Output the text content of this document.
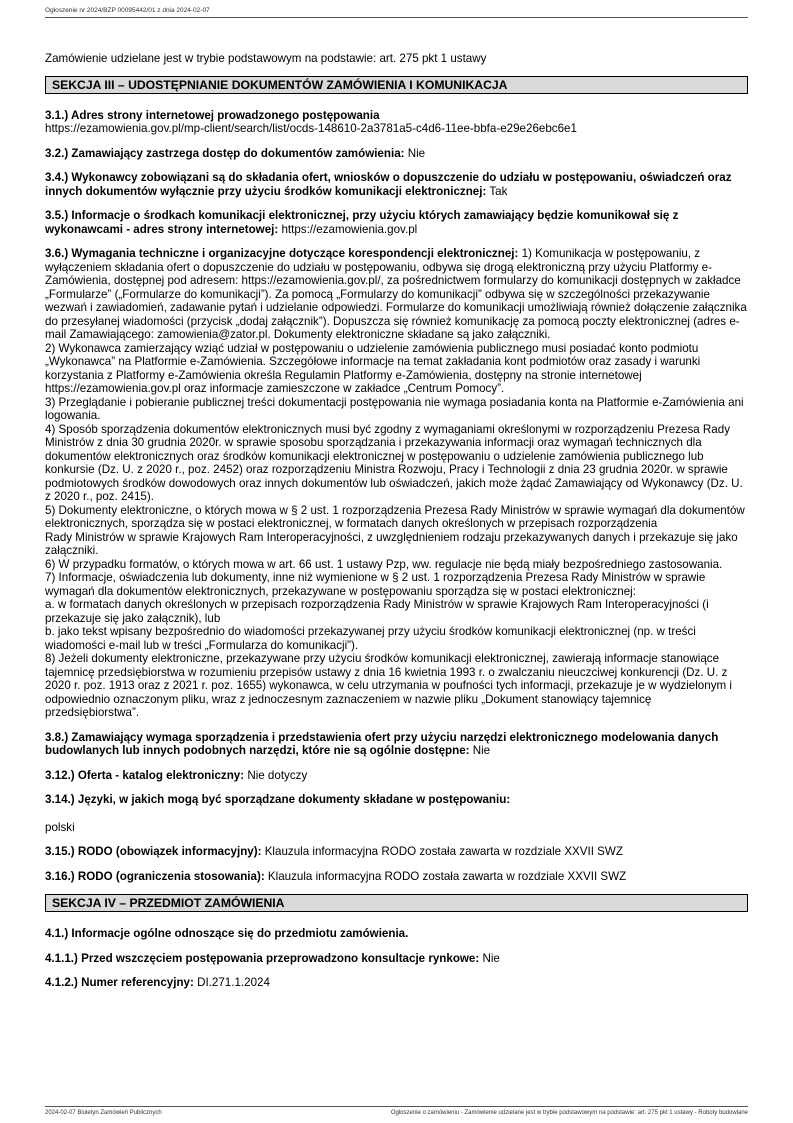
Ogłoszenie nr 2024/BZP 00095442/01 z dnia 2024-02-07

Zamówienie udzielane jest w trybie podstawowym na podstawie: art. 275 pkt 1 ustawy

SEKCJA III – UDOSTĘPNIANIE DOKUMENTÓW ZAMÓWIENIA I KOMUNIKACJA
3.1.) Adres strony internetowej prowadzonego postępowania
https://ezamowienia.gov.pl/mp-client/search/list/ocds-148610-2a3781a5-c4d6-11ee-bbfa-e29e26ebc6e1
3.2.) Zamawiający zastrzega dostęp do dokumentów zamówienia: Nie
3.4.) Wykonawcy zobowiązani są do składania ofert, wniosków o dopuszczenie do udziału w postępowaniu, oświadczeń oraz innych dokumentów wyłącznie przy użyciu środków komunikacji elektronicznej: Tak
3.5.) Informacje o środkach komunikacji elektronicznej, przy użyciu których zamawiający będzie komunikował się z wykonawcami - adres strony internetowej: https://ezamowienia.gov.pl

3.6.) Wymagania techniczne i organizacyjne dotyczące korespondencji elektronicznej: 1) Komunikacja w postępowaniu, z wyłączeniem składania ofert o dopuszczenie do udziału w postępowaniu, odbywa się drogą elektroniczną przy użyciu Platformy e-Zamówienia, dostępnej pod adresem: https://ezamowienia.gov.pl/, za pośrednictwem formularzy do komunikacji dostępnych w zakładce „Formularze” („Formularze do komunikacji”). Za pomocą „Formularzy do komunikacji” odbywa się w szczególności przekazywanie wezwań i zawiadomień, zadawanie pytań i udzielanie odpowiedzi. Formularze do komunikacji umożliwiają również dołączenie załącznika do przesyłanej wiadomości (przycisk „dodaj załącznik”). Dopuszcza się również komunikację za pomocą poczty elektronicznej (adres e-mail Zamawiającego: zamowienia@zator.pl. Dokumenty elektroniczne składane są jako załączniki.
2) Wykonawca zamierzający wziąć udział w postępowaniu o udzielenie zamówienia publicznego musi posiadać konto podmiotu „Wykonawca” na Platformie e-Zamówienia. Szczegółowe informacje na temat zakładania kont podmiotów oraz zasady i warunki korzystania z Platformy e-Zamówienia określa Regulamin Platformy e-Zamówienia, dostępny na stronie internetowej https://ezamowienia.gov.pl oraz informacje zamieszczone w zakładce „Centrum Pomocy”.
3) Przeglądanie i pobieranie publicznej treści dokumentacji postępowania nie wymaga posiadania konta na Platformie e-Zamówienia ani logowania.
4) Sposób sporządzenia dokumentów elektronicznych musi być zgodny z wymaganiami określonymi w rozporządzeniu Prezesa Rady Ministrów z dnia 30 grudnia 2020r. w sprawie sposobu sporządzania i przekazywania informacji oraz wymagań technicznych dla dokumentów elektronicznych oraz środków komunikacji elektronicznej w postępowaniu o udzielenie zamówienia publicznego lub konkursie (Dz. U. z 2020 r., poz. 2452) oraz rozporządzeniu Ministra Rozwoju, Pracy i Technologii z dnia 23 grudnia 2020r. w sprawie podmiotowych środków dowodowych oraz innych dokumentów lub oświadczeń, jakich może żądać Zamawiający od Wykonawcy (Dz. U. z 2020 r., poz. 2415).
5) Dokumenty elektroniczne, o których mowa w § 2 ust. 1 rozporządzenia Prezesa Rady Ministrów w sprawie wymagań dla dokumentów elektronicznych, sporządza się w postaci elektronicznej, w formatach danych określonych w przepisach rozporządzenia
Rady Ministrów w sprawie Krajowych Ram Interoperacyjności, z uwzględnieniem rodzaju przekazywanych danych i przekazuje się jako załączniki.
6) W przypadku formatów, o których mowa w art. 66 ust. 1 ustawy Pzp, ww. regulacje nie będą miały bezpośredniego zastosowania.
7) Informacje, oświadczenia lub dokumenty, inne niż wymienione w § 2 ust. 1 rozporządzenia Prezesa Rady Ministrów w sprawie wymagań dla dokumentów elektronicznych, przekazywane w postępowaniu sporządza się w postaci elektronicznej:
a. w formatach danych określonych w przepisach rozporządzenia Rady Ministrów w sprawie Krajowych Ram Interoperacyjności (i przekazuje się jako załącznik), lub
b. jako tekst wpisany bezpośrednio do wiadomości przekazywanej przy użyciu środków komunikacji elektronicznej (np. w treści wiadomości e-mail lub w treści „Formularza do komunikacji”).
8) Jeżeli dokumenty elektroniczne, przekazywane przy użyciu środków komunikacji elektronicznej, zawierają informacje stanowiące tajemnicę przedsiębiorstwa w rozumieniu przepisów ustawy z dnia 16 kwietnia 1993 r. o zwalczaniu nieuczciwej konkurencji (Dz. U. z 2020 r. poz. 1913 oraz z 2021 r. poz. 1655) wykonawca, w celu utrzymania w poufności tych informacji, przekazuje je w wydzielonym i odpowiednio oznaczonym pliku, wraz z jednoczesnym zaznaczeniem w nazwie pliku „Dokument stanowiący tajemnicę przedsiębiorstwa”.

3.8.) Zamawiający wymaga sporządzenia i przedstawienia ofert przy użyciu narzędzi elektronicznego modelowania danych budowlanych lub innych podobnych narzędzi, które nie są ogólnie dostępne: Nie
3.12.) Oferta - katalog elektroniczny: Nie dotyczy
3.14.) Języki, w jakich mogą być sporządzane dokumenty składane w postępowaniu:
polski
3.15.) RODO (obowiązek informacyjny): Klauzula informacyjna RODO została zawarta w rozdziale XXVII SWZ
3.16.) RODO (ograniczenia stosowania): Klauzula informacyjna RODO została zawarta w rozdziale XXVII SWZ
SEKCJA IV – PRZEDMIOT ZAMÓWIENIA
4.1.) Informacje ogólne odnoszące się do przedmiotu zamówienia.
4.1.1.) Przed wszczęciem postępowania przeprowadzono konsultacje rynkowe: Nie
4.1.2.) Numer referencyjny: DI.271.1.2024
2024-02-07 Biuletyn Zamówień Publicznych	Ogłoszenie o zamówieniu - Zamówienie udzielane jest w trybie podstawowym na podstawie: art. 275 pkt 1 ustawy - Roboty budowlane
